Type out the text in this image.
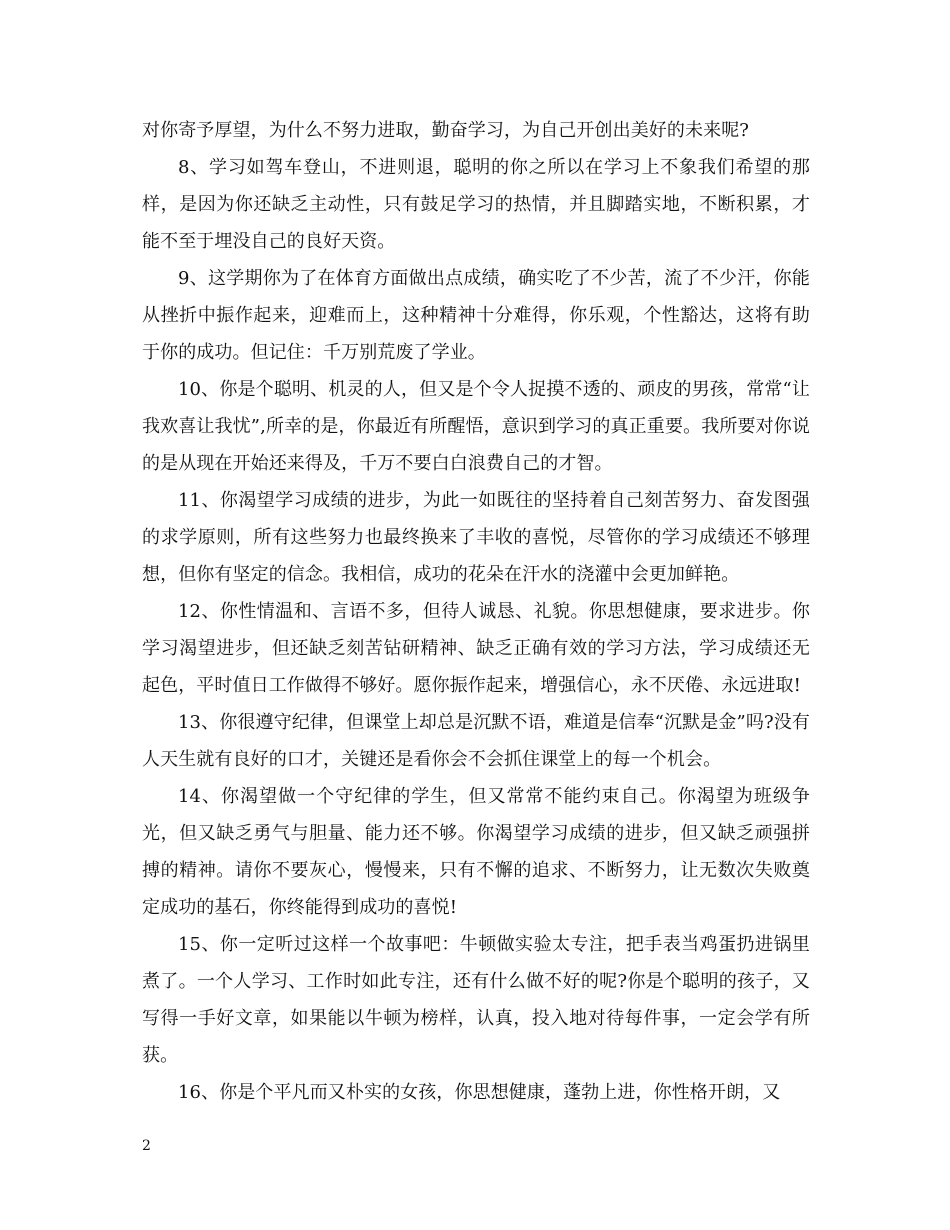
对你寄予厚望，为什么不努力进取，勤奋学习，为自己开创出美好的未来呢?

8、学习如驾车登山，不进则退，聪明的你之所以在学习上不象我们希望的那样，是因为你还缺乏主动性，只有鼓足学习的热情，并且脚踏实地，不断积累，才能不至于埋没自己的良好天资。

9、这学期你为了在体育方面做出点成绩，确实吃了不少苦，流了不少汗，你能从挫折中振作起来，迎难而上，这种精神十分难得，你乐观，个性豁达，这将有助于你的成功。但记住：千万别荒废了学业。

10、你是个聪明、机灵的人，但又是个令人捉摸不透的、顽皮的男孩，常常“让我欢喜让我忧”,所幸的是，你最近有所醒悟，意识到学习的真正重要。我所要对你说的是从现在开始还来得及，千万不要白白浪费自己的才智。

11、你渴望学习成绩的进步，为此一如既往的坚持着自己刻苦努力、奋发图强的求学原则，所有这些努力也最终换来了丰收的喜悦，尽管你的学习成绩还不够理想，但你有坚定的信念。我相信，成功的花朵在汗水的浇灌中会更加鲜艳。

12、你性情温和、言语不多，但待人诚恳、礼貌。你思想健康，要求进步。你学习渴望进步，但还缺乏刻苦钻研精神、缺乏正确有效的学习方法，学习成绩还无起色，平时值日工作做得不够好。愿你振作起来，增强信心，永不厌倦、永远进取!

13、你很遵守纪律，但课堂上却总是沉默不语，难道是信奉“沉默是金”吗?没有人天生就有良好的口才，关键还是看你会不会抓住课堂上的每一个机会。

14、你渴望做一个守纪律的学生，但又常常不能约束自己。你渴望为班级争光，但又缺乏勇气与胆量、能力还不够。你渴望学习成绩的进步，但又缺乏顽强拼搏的精神。请你不要灰心，慢慢来，只有不懈的追求、不断努力，让无数次失败奠定成功的基石，你终能得到成功的喜悦!

15、你一定听过这样一个故事吧：牛顿做实验太专注，把手表当鸡蛋扔进锅里煮了。一个人学习、工作时如此专注，还有什么做不好的呢?你是个聪明的孩子，又写得一手好文章，如果能以牛顿为榜样，认真，投入地对待每件事，一定会学有所获。

16、你是个平凡而又朴实的女孩，你思想健康，蓬勃上进，你性格开朗，又

2
